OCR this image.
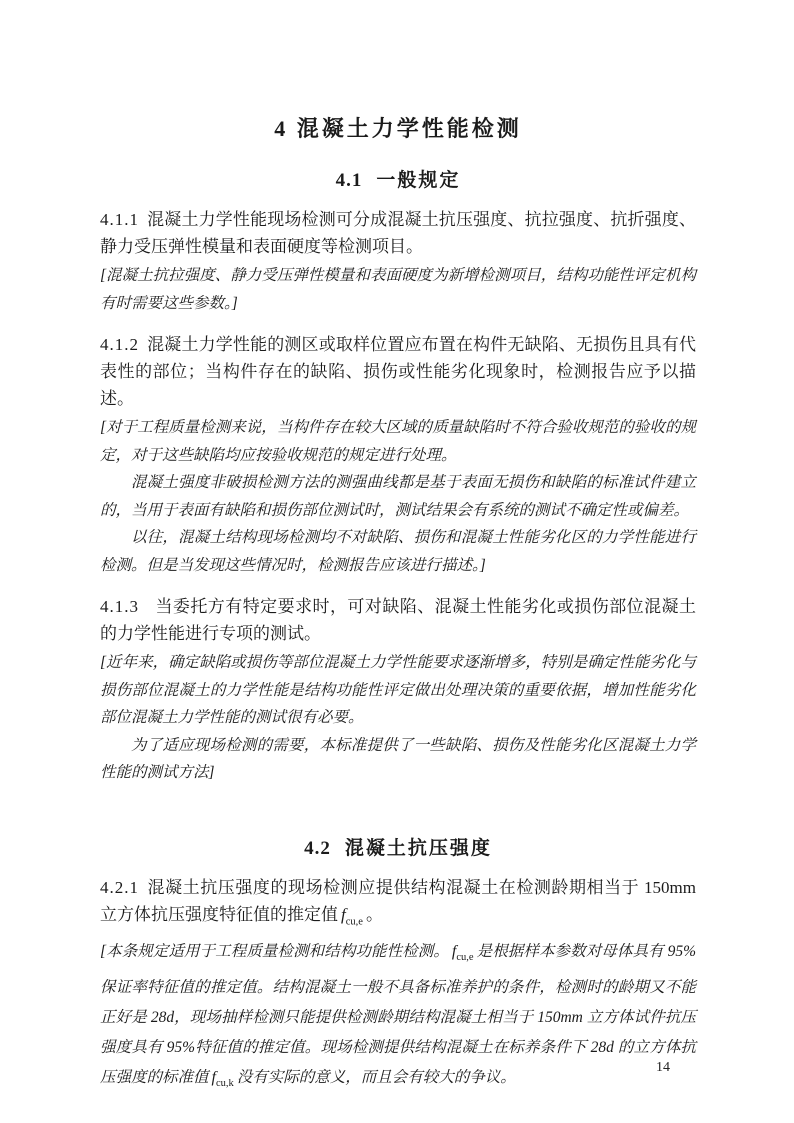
4 混凝土力学性能检测
4.1 一般规定

4.1.1 混凝土力学性能现场检测可分成混凝土抗压强度、抗拉强度、抗折强度、静力受压弹性模量和表面硬度等检测项目。

[混凝土抗拉强度、静力受压弹性模量和表面硬度为新增检测项目，结构功能性评定机构有时需要这些参数。]

4.1.2 混凝土力学性能的测区或取样位置应布置在构件无缺陷、无损伤且具有代表性的部位；当构件存在的缺陷、损伤或性能劣化现象时，检测报告应予以描述。

[对于工程质量检测来说，当构件存在较大区域的质量缺陷时不符合验收规范的验收的规定，对于这些缺陷均应按验收规范的规定进行处理。

混凝土强度非破损检测方法的测强曲线都是基于表面无损伤和缺陷的标准试件建立的，当用于表面有缺陷和损伤部位测试时，测试结果会有系统的测试不确定性或偏差。

以往，混凝土结构现场检测均不对缺陷、损伤和混凝土性能劣化区的力学性能进行检测。但是当发现这些情况时，检测报告应该进行描述。]

4.1.3 当委托方有特定要求时，可对缺陷、混凝土性能劣化或损伤部位混凝土的力学性能进行专项的测试。

[近年来，确定缺陷或损伤等部位混凝土力学性能要求逐渐增多，特别是确定性能劣化与损伤部位混凝土的力学性能是结构功能性评定做出处理决策的重要依据，增加性能劣化部位混凝土力学性能的测试很有必要。

为了适应现场检测的需要，本标准提供了一些缺陷、损伤及性能劣化区混凝土力学性能的测试方法]

4.2 混凝土抗压强度

4.2.1 混凝土抗压强度的现场检测应提供结构混凝土在检测龄期相当于 150mm 立方体抗压强度特征值的推定值 $f_{cu,e}$ 。

[本条规定适用于工程质量检测和结构功能性检测。 $f_{cu,e}$ 是根据样本参数对母体具有 95%保证率特征值的推定值。结构混凝土一般不具备标准养护的条件，检测时的龄期又不能正好是 28d，现场抽样检测只能提供检测龄期结构混凝土相当于 150mm 立方体试件抗压强度具有 95%特征值的推定值。现场检测提供结构混凝土在标养条件下 28d 的立方体抗压强度的标准值 $f_{cu,k}$ 没有实际的意义，而且会有较大的争议。

14
